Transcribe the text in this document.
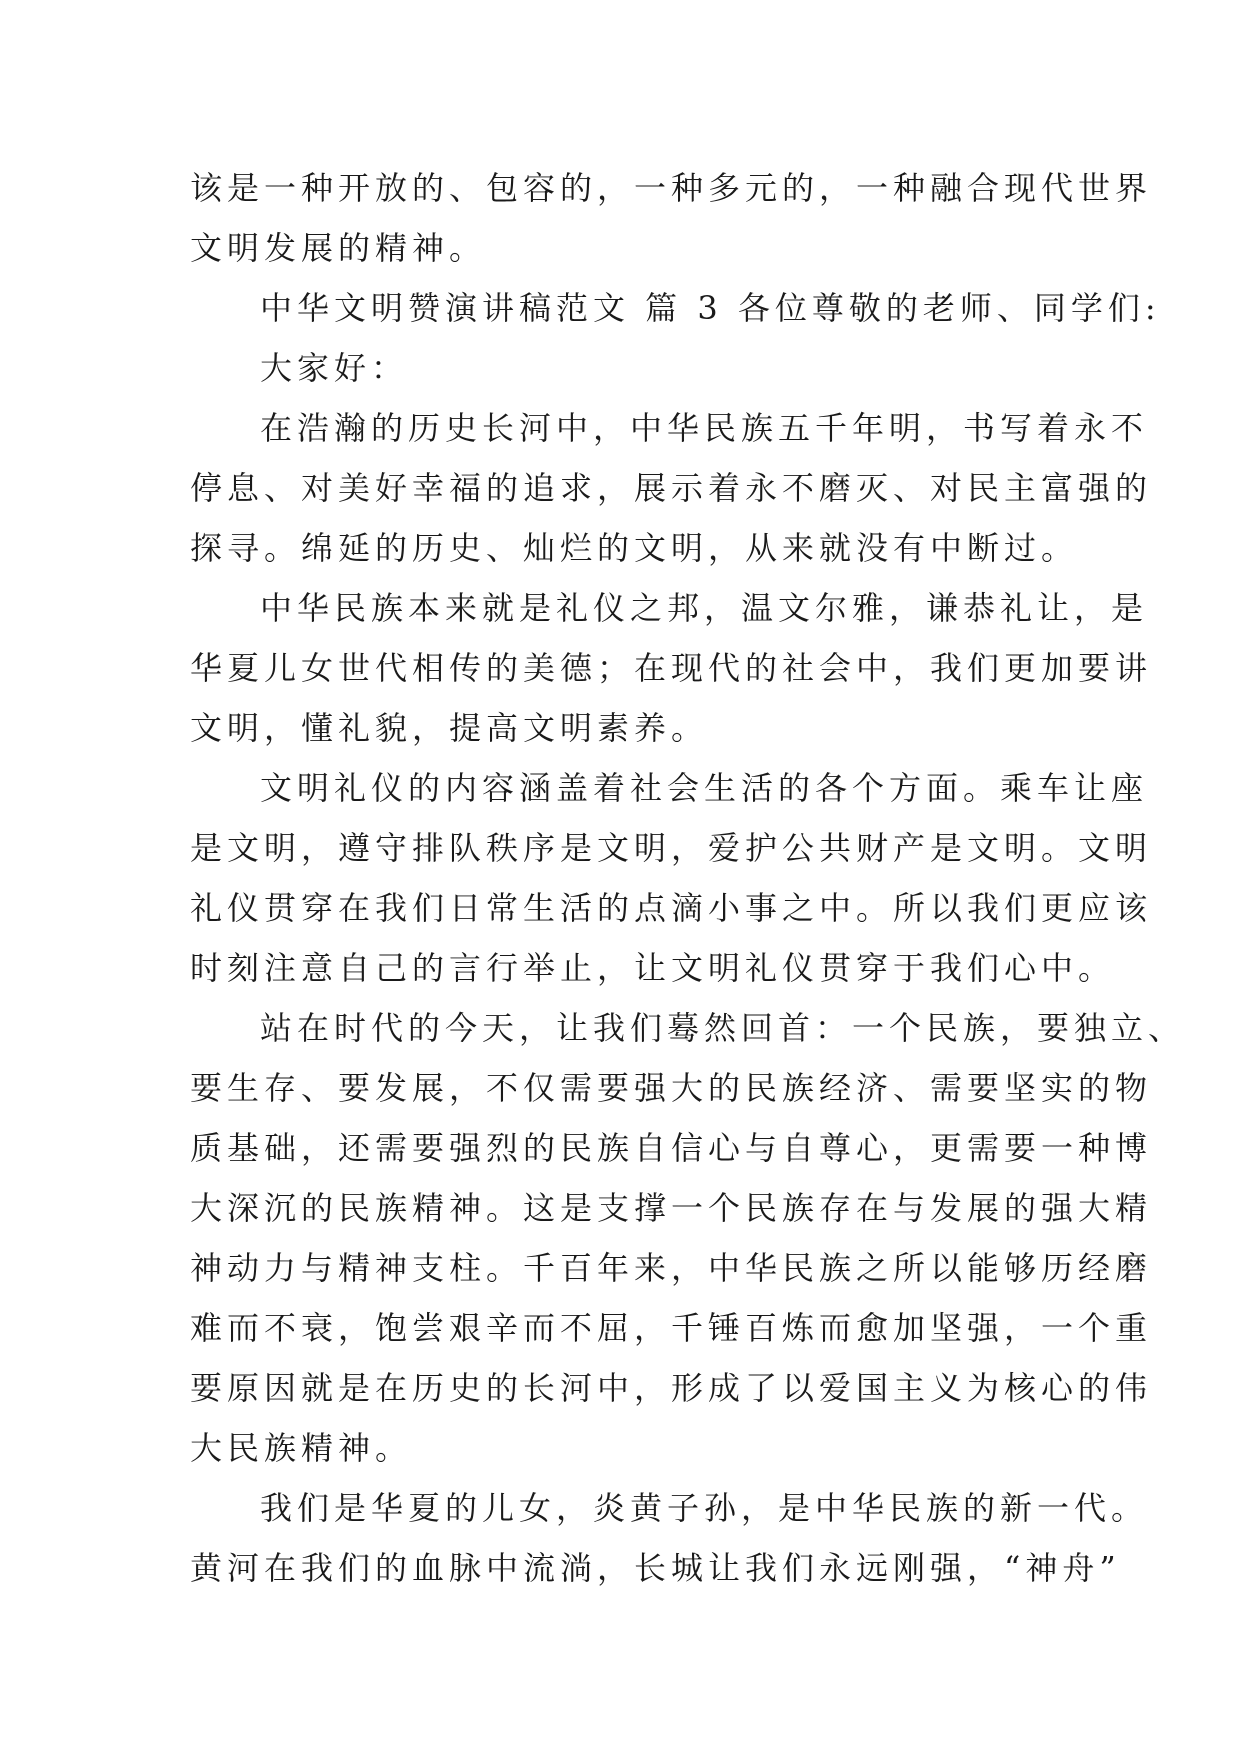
该是一种开放的、包容的，一种多元的，一种融合现代世界
文明发展的精神。
中华文明赞演讲稿范文 篇 3 各位尊敬的老师、同学们:
大家好：
在浩瀚的历史长河中，中华民族五千年明，书写着永不
停息、对美好幸福的追求，展示着永不磨灭、对民主富强的
探寻。绵延的历史、灿烂的文明，从来就没有中断过。
中华民族本来就是礼仪之邦，温文尔雅，谦恭礼让，是
华夏儿女世代相传的美德；在现代的社会中，我们更加要讲
文明，懂礼貌，提高文明素养。
文明礼仪的内容涵盖着社会生活的各个方面。乘车让座
是文明，遵守排队秩序是文明，爱护公共财产是文明。文明
礼仪贯穿在我们日常生活的点滴小事之中。所以我们更应该
时刻注意自己的言行举止，让文明礼仪贯穿于我们心中。
站在时代的今天，让我们蓦然回首：一个民族，要独立、
要生存、要发展，不仅需要强大的民族经济、需要坚实的物
质基础，还需要强烈的民族自信心与自尊心，更需要一种博
大深沉的民族精神。这是支撑一个民族存在与发展的强大精
神动力与精神支柱。千百年来，中华民族之所以能够历经磨
难而不衰，饱尝艰辛而不屈，千锤百炼而愈加坚强，一个重
要原因就是在历史的长河中，形成了以爱国主义为核心的伟
大民族精神。
我们是华夏的儿女，炎黄子孙，是中华民族的新一代。
黄河在我们的血脉中流淌，长城让我们永远刚强，“神舟”
